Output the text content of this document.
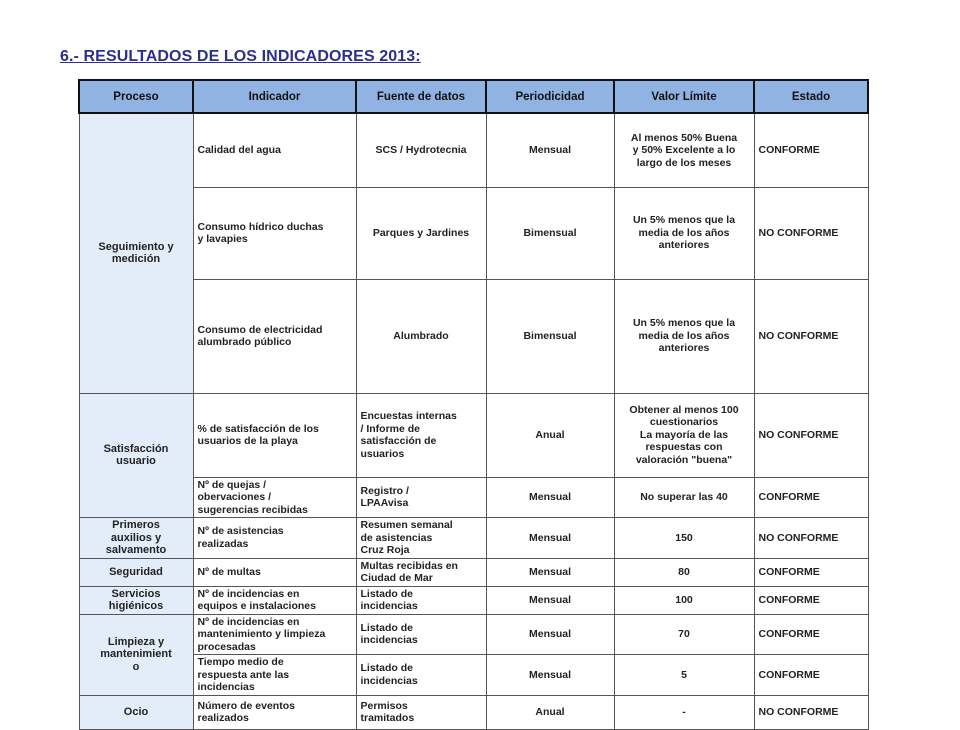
6.- RESULTADOS DE LOS INDICADORES 2013:
Proceso	Indicador	Fuente de datos	Periodicidad	Valor Límite	Estado
Seguimiento y
medición	Calidad del agua	SCS / Hydrotecnia	Mensual	Al menos 50% Buena
y 50% Excelente a lo
largo de los meses	CONFORME
	Consumo hídrico duchas
y lavapies	Parques y Jardines	Bimensual	Un 5% menos que la
media de los años
anteriores	NO CONFORME
	Consumo de electricidad
alumbrado público	Alumbrado	Bimensual	Un 5% menos que la
media de los años
anteriores	NO CONFORME
Satisfacción
usuario	% de satisfacción de los
usuarios de la playa	Encuestas internas
/ Informe de
satisfacción de
usuarios	Anual	Obtener al menos 100
cuestionarios
La mayoría de las
respuestas con
valoración "buena"	NO CONFORME
	Nº de quejas /
obervaciones /
sugerencias recibidas	Registro /
LPAAvisa	Mensual	No superar las 40	CONFORME
Primeros
auxilios y
salvamento	Nº de asistencias
realizadas	Resumen semanal
de asistencias
Cruz Roja	Mensual	150	NO CONFORME
Seguridad	Nº de multas	Multas recibidas en
Ciudad de Mar	Mensual	80	CONFORME
Servicios
higiénicos	Nº de incidencias en
equipos e instalaciones	Listado de
incidencias	Mensual	100	CONFORME
Limpieza y
mantenimient
o	Nº de incidencias en
mantenimiento y limpieza
procesadas	Listado de
incidencias	Mensual	70	CONFORME
	Tiempo medio de
respuesta ante las
incidencias	Listado de
incidencias	Mensual	5	CONFORME
Ocio	Número de eventos
realizados	Permisos
tramitados	Anual	-	NO CONFORME
